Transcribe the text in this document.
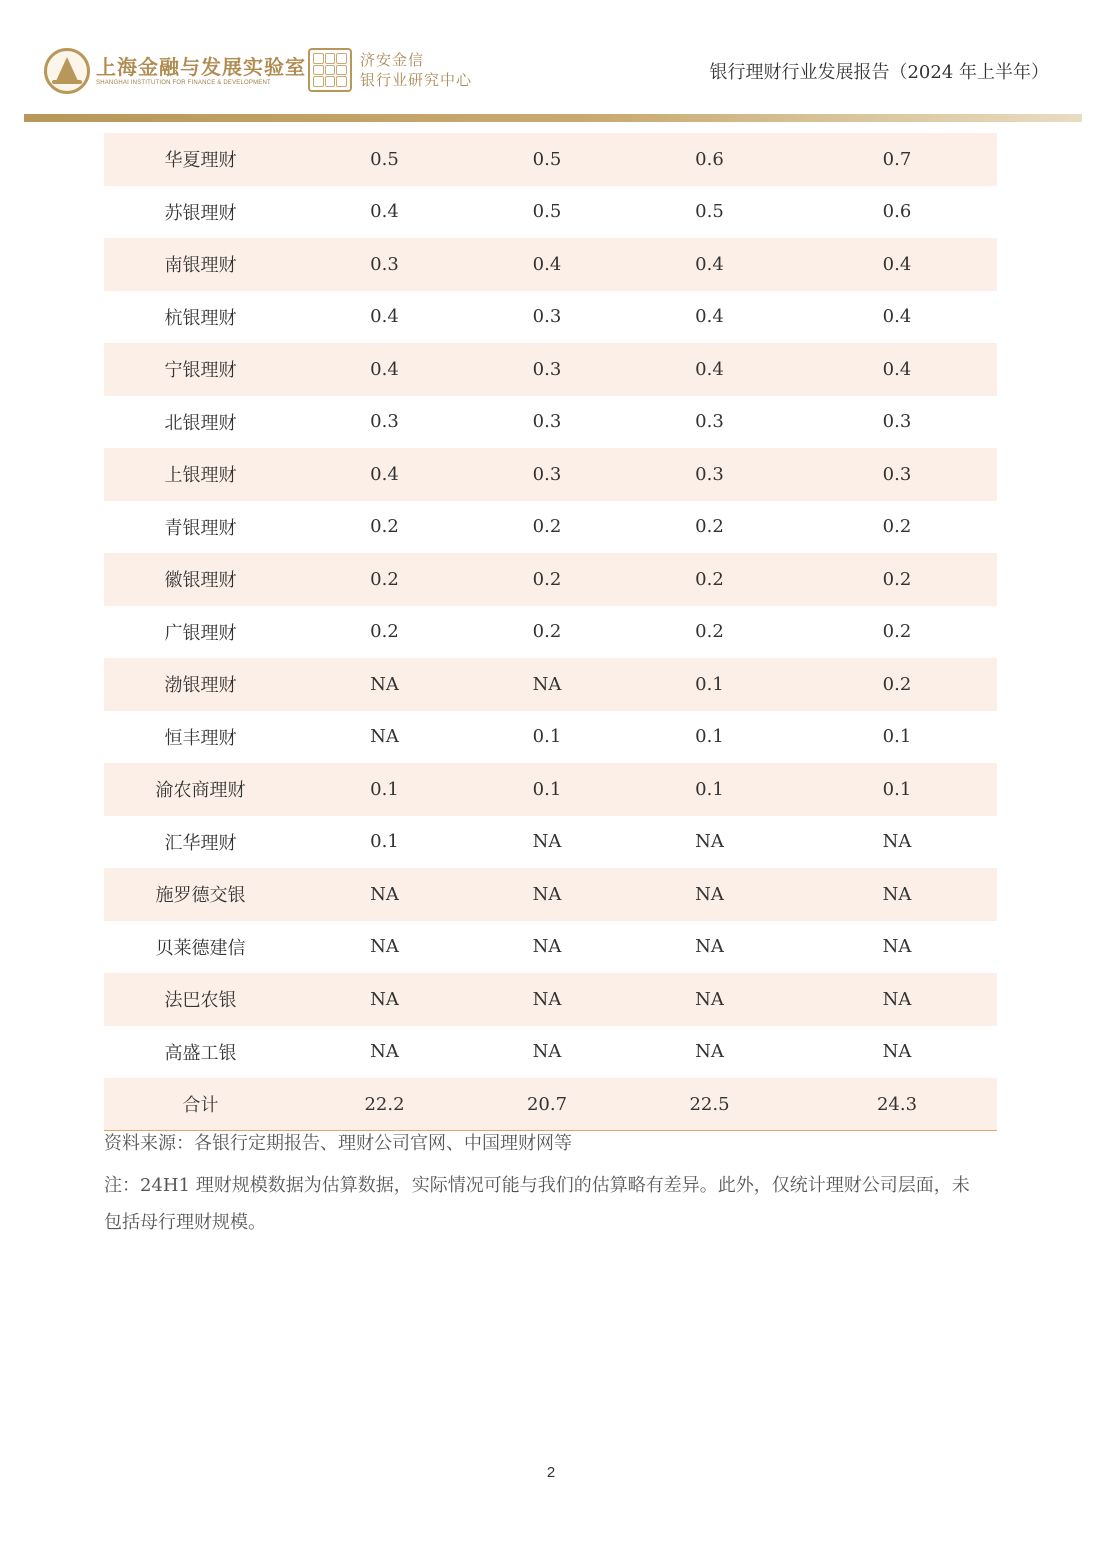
上海金融与发展实验室
SHANGHAI INSTITUTION FOR FINANCE & DEVELOPMENT
济安金信
银行业研究中心	银行理财行业发展报告（2024 年上半年）
华夏理财	0.5	0.5	0.6	0.7
苏银理财	0.4	0.5	0.5	0.6
南银理财	0.3	0.4	0.4	0.4
杭银理财	0.4	0.3	0.4	0.4
宁银理财	0.4	0.3	0.4	0.4
北银理财	0.3	0.3	0.3	0.3
上银理财	0.4	0.3	0.3	0.3
青银理财	0.2	0.2	0.2	0.2
徽银理财	0.2	0.2	0.2	0.2
广银理财	0.2	0.2	0.2	0.2
渤银理财	NA	NA	0.1	0.2
恒丰理财	NA	0.1	0.1	0.1
渝农商理财	0.1	0.1	0.1	0.1
汇华理财	0.1	NA	NA	NA
施罗德交银	NA	NA	NA	NA
贝莱德建信	NA	NA	NA	NA
法巴农银	NA	NA	NA	NA
高盛工银	NA	NA	NA	NA
合计	22.2	20.7	22.5	24.3
资料来源：各银行定期报告、理财公司官网、中国理财网等
注：24H1 理财规模数据为估算数据，实际情况可能与我们的估算略有差异。此外，仅统计理财公司层面，未包括母行理财规模。
2
